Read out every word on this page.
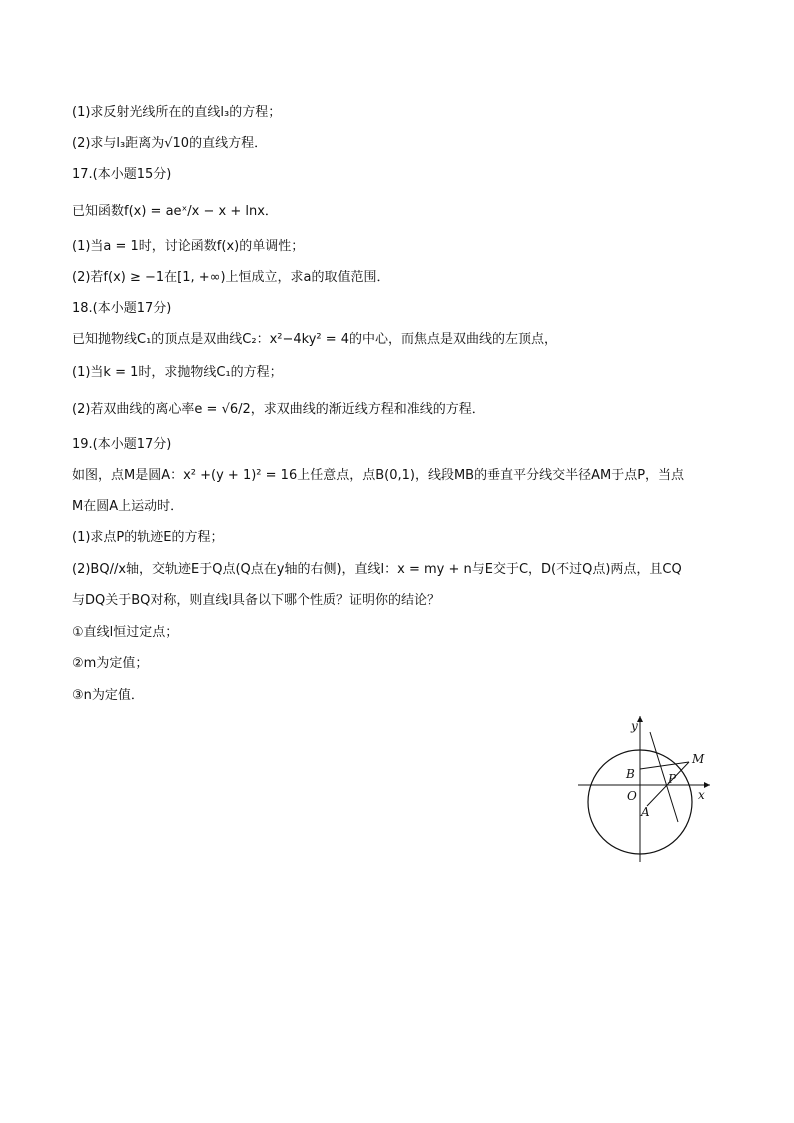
(1)求反射光线所在的直线l₃的方程；
(2)求与l₃距离为√10的直线方程．
17.(本小题15分)
已知函数f(x) = aeˣ/x − x + lnx．
(1)当a = 1时，讨论函数f(x)的单调性；
(2)若f(x) ≥ −1在[1, +∞)上恒成立，求a的取值范围．
18.(本小题17分)
已知抛物线C₁的顶点是双曲线C₂：x²−4ky² = 4的中心，而焦点是双曲线的左顶点，
(1)当k = 1时，求抛物线C₁的方程；
(2)若双曲线的离心率e = √6/2，求双曲线的渐近线方程和准线的方程．
19.(本小题17分)
如图，点M是圆A：x² +(y + 1)² = 16上任意点，点B(0,1)，线段MB的垂直平分线交半径AM于点P，当点
M在圆A上运动时．
(1)求点P的轨迹E的方程；
(2)BQ//x轴，交轨迹E于Q点(Q点在y轴的右侧)，直线l：x = my + n与E交于C，D(不过Q点)两点，且CQ
与DQ关于BQ对称，则直线l具备以下哪个性质？证明你的结论？
①直线l恒过定点；
②m为定值；
③n为定值．
y
x
M
B	P
O
A
